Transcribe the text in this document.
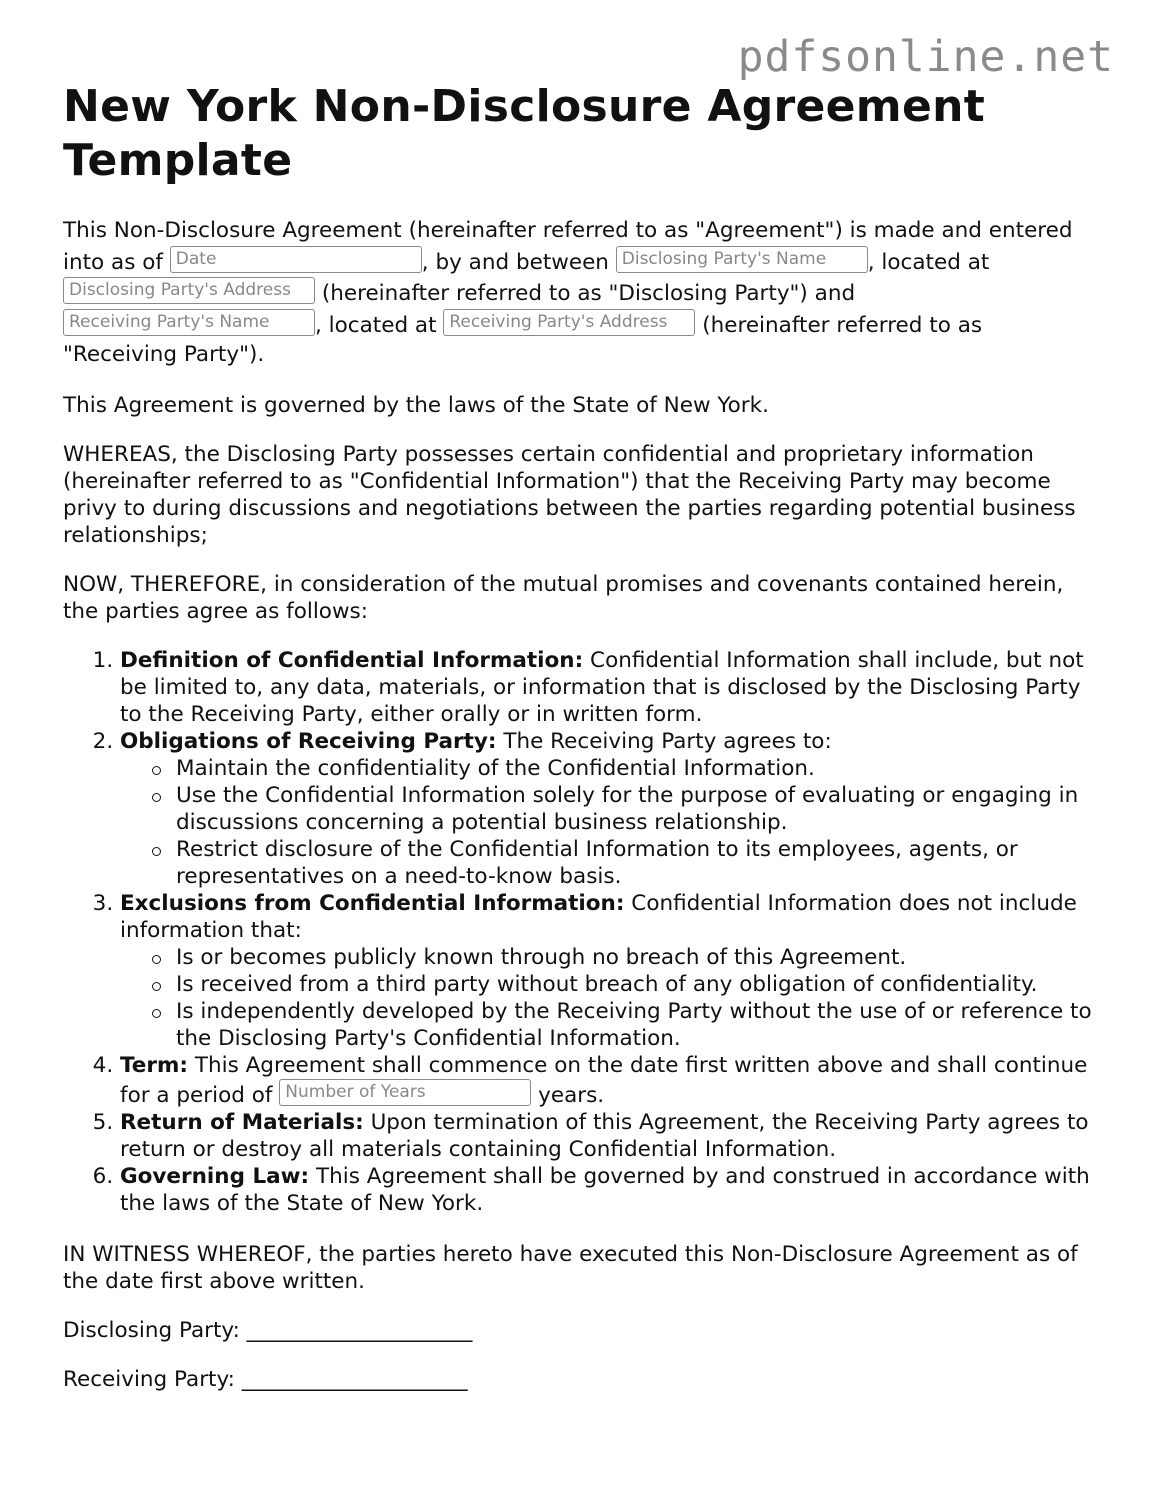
pdfsonline.net
New York Non-Disclosure Agreement Template

This Non-Disclosure Agreement (hereinafter referred to as "Agreement") is made and entered into as of Date	, by and between Disclosing Party's Name , located at Disclosing Party's Address (hereinafter referred to as "Disclosing Party") and Receiving Party's Name , located at Receiving Party's Address (hereinafter referred to as "Receiving Party").

This Agreement is governed by the laws of the State of New York.

WHEREAS, the Disclosing Party possesses certain confidential and proprietary information (hereinafter referred to as "Confidential Information") that the Receiving Party may become privy to during discussions and negotiations between the parties regarding potential business relationships;

NOW, THEREFORE, in consideration of the mutual promises and covenants contained herein, the parties agree as follows:

1. Definition of Confidential Information: Confidential Information shall include, but not be limited to, any data, materials, or information that is disclosed by the Disclosing Party to the Receiving Party, either orally or in written form.
2. Obligations of Receiving Party: The Receiving Party agrees to:
Maintain the confidentiality of the Confidential Information.
Use the Confidential Information solely for the purpose of evaluating or engaging in discussions concerning a potential business relationship.
Restrict disclosure of the Confidential Information to its employees, agents, or representatives on a need-to-know basis.
3. Exclusions from Confidential Information: Confidential Information does not include information that:
Is or becomes publicly known through no breach of this Agreement.
Is received from a third party without breach of any obligation of confidentiality.
Is independently developed by the Receiving Party without the use of or reference to the Disclosing Party's Confidential Information.
4. Term: This Agreement shall commence on the date first written above and shall continue for a period of Number of Years	years.
5. Return of Materials: Upon termination of this Agreement, the Receiving Party agrees to return or destroy all materials containing Confidential Information.
6. Governing Law: This Agreement shall be governed by and construed in accordance with the laws of the State of New York.

IN WITNESS WHEREOF, the parties hereto have executed this Non-Disclosure Agreement as of the date first above written.

Disclosing Party: _____________________

Receiving Party: _____________________
